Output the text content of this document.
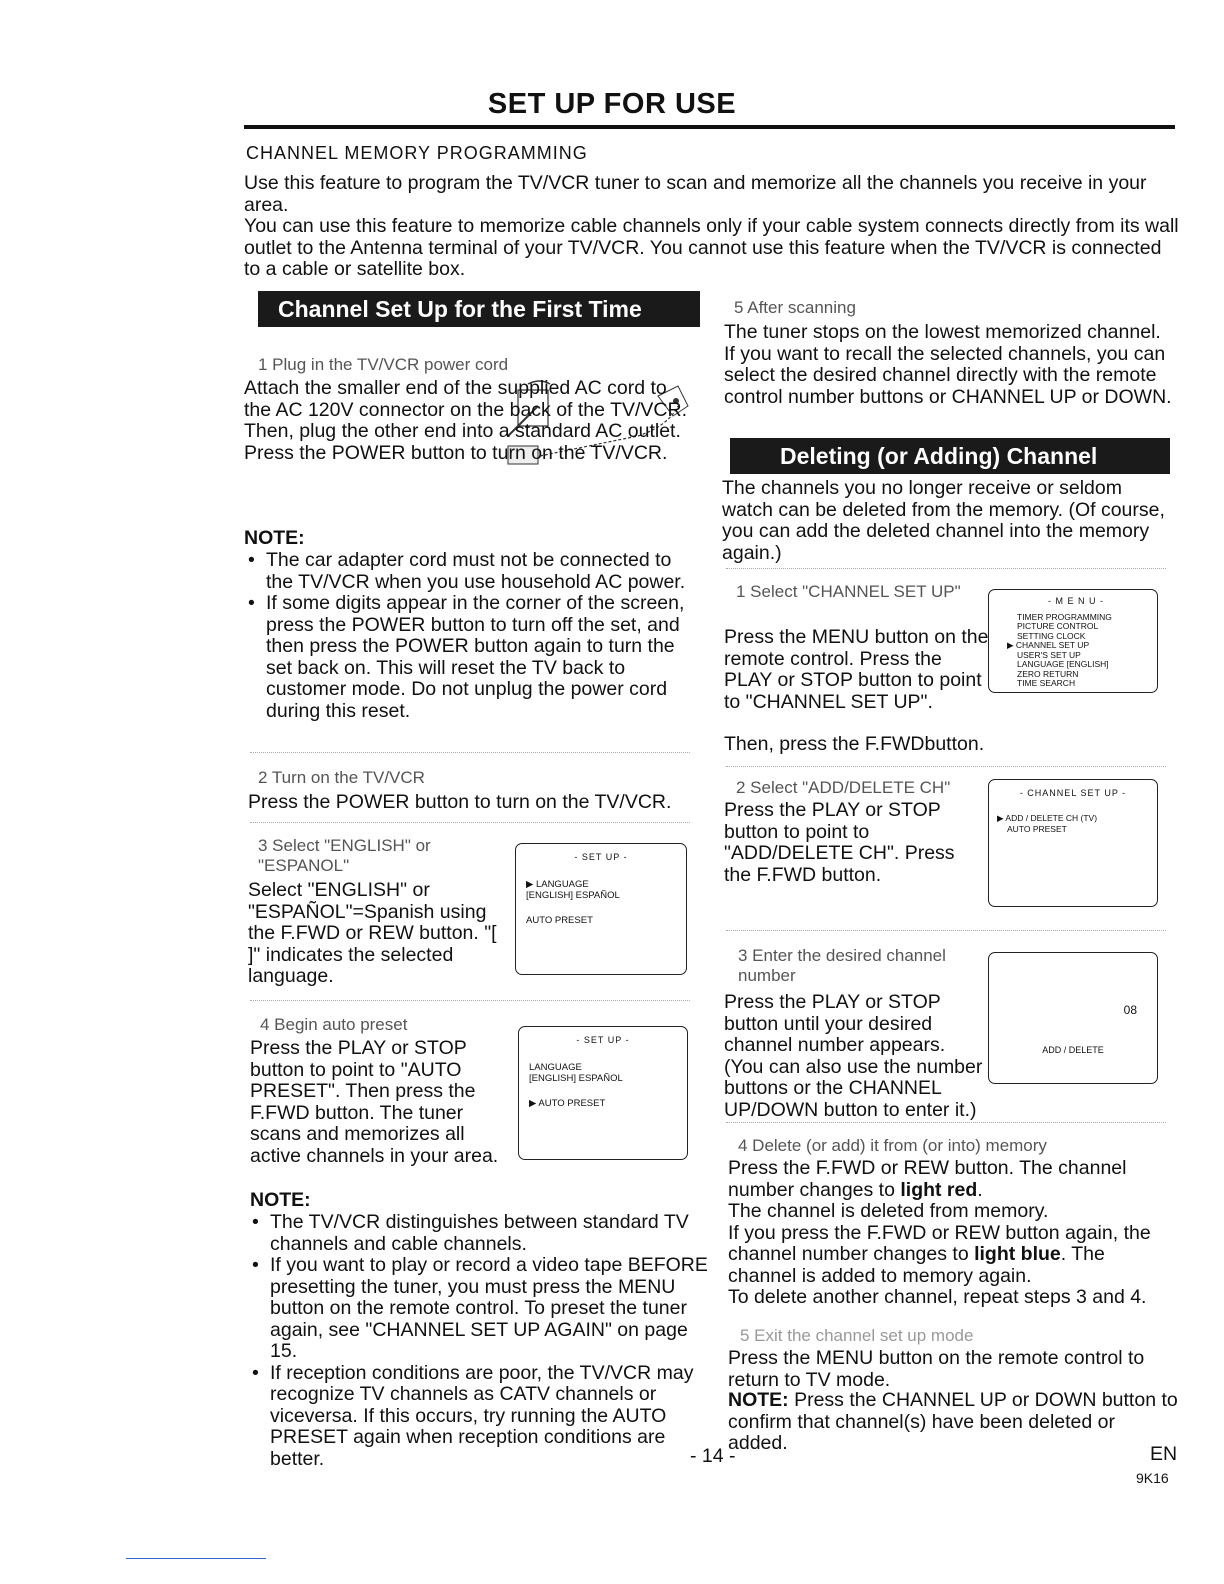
SET UP FOR USE
CHANNEL MEMORY PROGRAMMING

Use this feature to program the TV/VCR tuner to scan and memorize all the channels you receive in your area.

You can use this feature to memorize cable channels only if your cable system connects directly from its wall outlet to the Antenna terminal of your TV/VCR. You cannot use this feature when the TV/VCR is connected to a cable or satellite box.

Channel Set Up for the First Time
1 Plug in the TV/VCR power cord

Attach the smaller end of the supplied AC cord to the AC 120V connector on the back of the TV/VCR. Then, plug the other end into a standard AC outlet. Press the POWER button to turn on the TV/VCR.

NOTE:
• The car adapter cord must not be connected to the TV/VCR when you use household AC power.
• If some digits appear in the corner of the screen, press the POWER button to turn off the set, and then press the POWER button again to turn the set back on. This will reset the TV back to customer mode. Do not unplug the power cord during this reset.
2 Turn on the TV/VCR
Press the POWER button to turn on the TV/VCR.
3 Select "ENGLISH" or "ESPANOL"
Select "ENGLISH" or "ESPAÑOL"=Spanish using the F.FWD or REW button. "[ ]" indicates the selected language.
- SET UP -
▶ LANGUAGE
[ENGLISH] ESPAÑOL
AUTO PRESET
4 Begin auto preset
Press the PLAY or STOP button to point to "AUTO PRESET". Then press the F.FWD button. The tuner scans and memorizes all active channels in your area.
- SET UP -
LANGUAGE
[ENGLISH] ESPAÑOL
▶ AUTO PRESET
NOTE:
• The TV/VCR distinguishes between standard TV channels and cable channels.
• If you want to play or record a video tape BEFORE presetting the tuner, you must press the MENU button on the remote control. To preset the tuner again, see "CHANNEL SET UP AGAIN" on page 15.
• If reception conditions are poor, the TV/VCR may recognize TV channels as CATV channels or viceversa. If this occurs, try running the AUTO PRESET again when reception conditions are better.
5 After scanning
The tuner stops on the lowest memorized channel. If you want to recall the selected channels, you can select the desired channel directly with the remote control number buttons or CHANNEL UP or DOWN.
Deleting (or Adding) Channel
The channels you no longer receive or seldom watch can be deleted from the memory. (Of course, you can add the deleted channel into the memory again.)
1 Select "CHANNEL SET UP"
Press the MENU button on the remote control. Press the PLAY or STOP button to point to "CHANNEL SET UP".
Then, press the F.FWDbutton.
- M E N U -
TIMER PROGRAMMING
PICTURE CONTROL
SETTING CLOCK
▶ CHANNEL SET UP
USER'S SET UP
LANGUAGE [ENGLISH]
ZERO RETURN
TIME SEARCH
2 Select "ADD/DELETE CH"
Press the PLAY or STOP button to point to "ADD/DELETE CH". Press the F.FWD button.
- CHANNEL SET UP -
▶ ADD / DELETE CH (TV)
AUTO PRESET
3 Enter the desired channel number

Press the PLAY or STOP button until your desired channel number appears. (You can also use the number buttons or the CHANNEL UP/DOWN button to enter it.)

08
ADD / DELETE
4 Delete (or add) it from (or into) memory

Press the F.FWD or REW button. The channel number changes to light red.

The channel is deleted from memory.

If you press the F.FWD or REW button again, the channel number changes to light blue. The channel is added to memory again.

To delete another channel, repeat steps 3 and 4.

5 Exit the channel set up mode
Press the MENU button on the remote control to return to TV mode.
NOTE: Press the CHANNEL UP or DOWN button to confirm that channel(s) have been deleted or added.
- 14 -	EN
9K16
